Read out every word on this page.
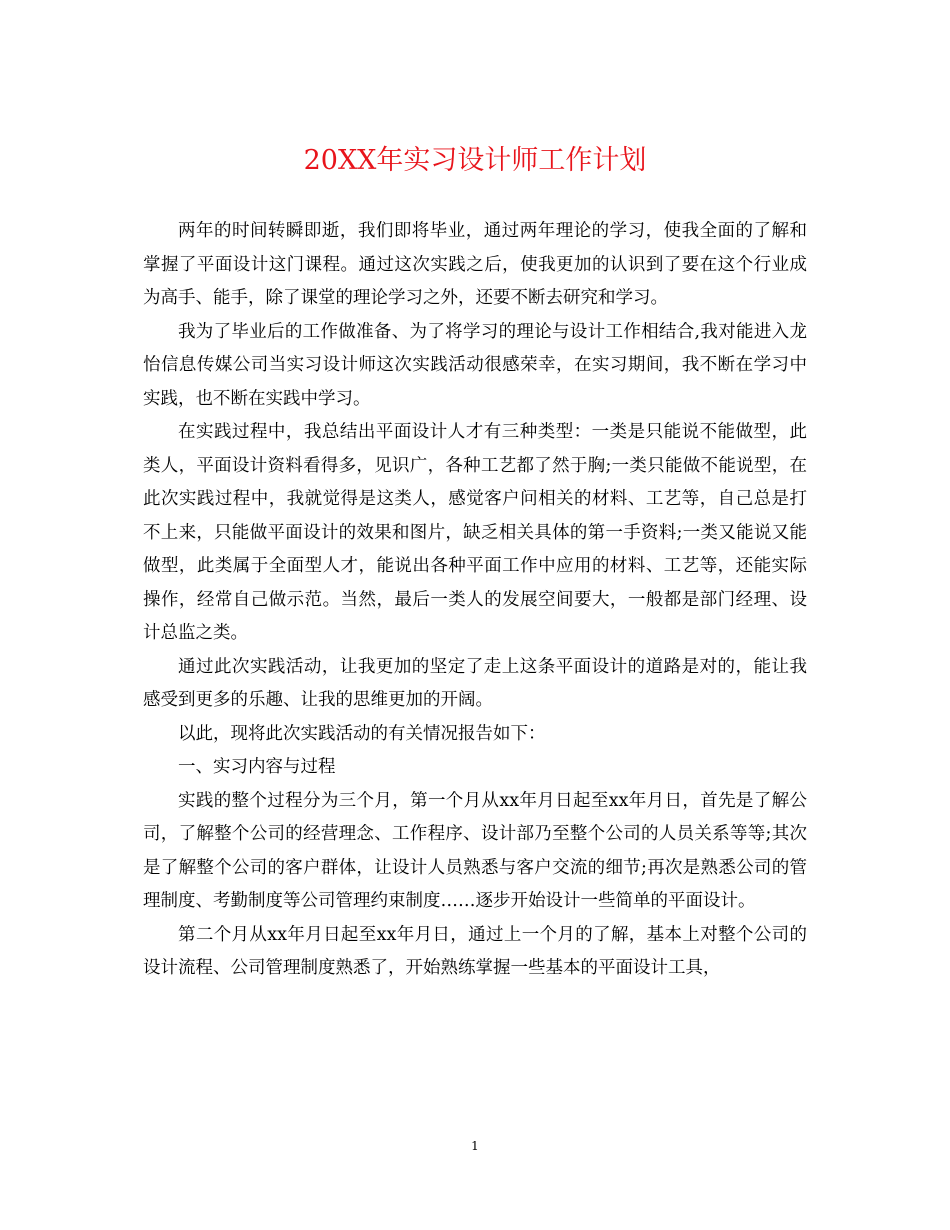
20XX年实习设计师工作计划

两年的时间转瞬即逝，我们即将毕业，通过两年理论的学习，使我全面的了解和掌握了平面设计这门课程。通过这次实践之后，使我更加的认识到了要在这个行业成为高手、能手，除了课堂的理论学习之外，还要不断去研究和学习。

我为了毕业后的工作做准备、为了将学习的理论与设计工作相结合,我对能进入龙怡信息传媒公司当实习设计师这次实践活动很感荣幸，在实习期间，我不断在学习中实践，也不断在实践中学习。

在实践过程中，我总结出平面设计人才有三种类型：一类是只能说不能做型，此类人，平面设计资料看得多，见识广，各种工艺都了然于胸;一类只能做不能说型，在此次实践过程中，我就觉得是这类人，感觉客户问相关的材料、工艺等，自己总是打不上来，只能做平面设计的效果和图片，缺乏相关具体的第一手资料;一类又能说又能做型，此类属于全面型人才，能说出各种平面工作中应用的材料、工艺等，还能实际操作，经常自己做示范。当然，最后一类人的发展空间要大，一般都是部门经理、设计总监之类。

通过此次实践活动，让我更加的坚定了走上这条平面设计的道路是对的，能让我感受到更多的乐趣、让我的思维更加的开阔。

以此，现将此次实践活动的有关情况报告如下：

一、实习内容与过程

实践的整个过程分为三个月，第一个月从xx年月日起至xx年月日，首先是了解公司，了解整个公司的经营理念、工作程序、设计部乃至整个公司的人员关系等等;其次是了解整个公司的客户群体，让设计人员熟悉与客户交流的细节;再次是熟悉公司的管理制度、考勤制度等公司管理约束制度……逐步开始设计一些简单的平面设计。

第二个月从xx年月日起至xx年月日，通过上一个月的了解，基本上对整个公司的设计流程、公司管理制度熟悉了，开始熟练掌握一些基本的平面设计工具，

1
